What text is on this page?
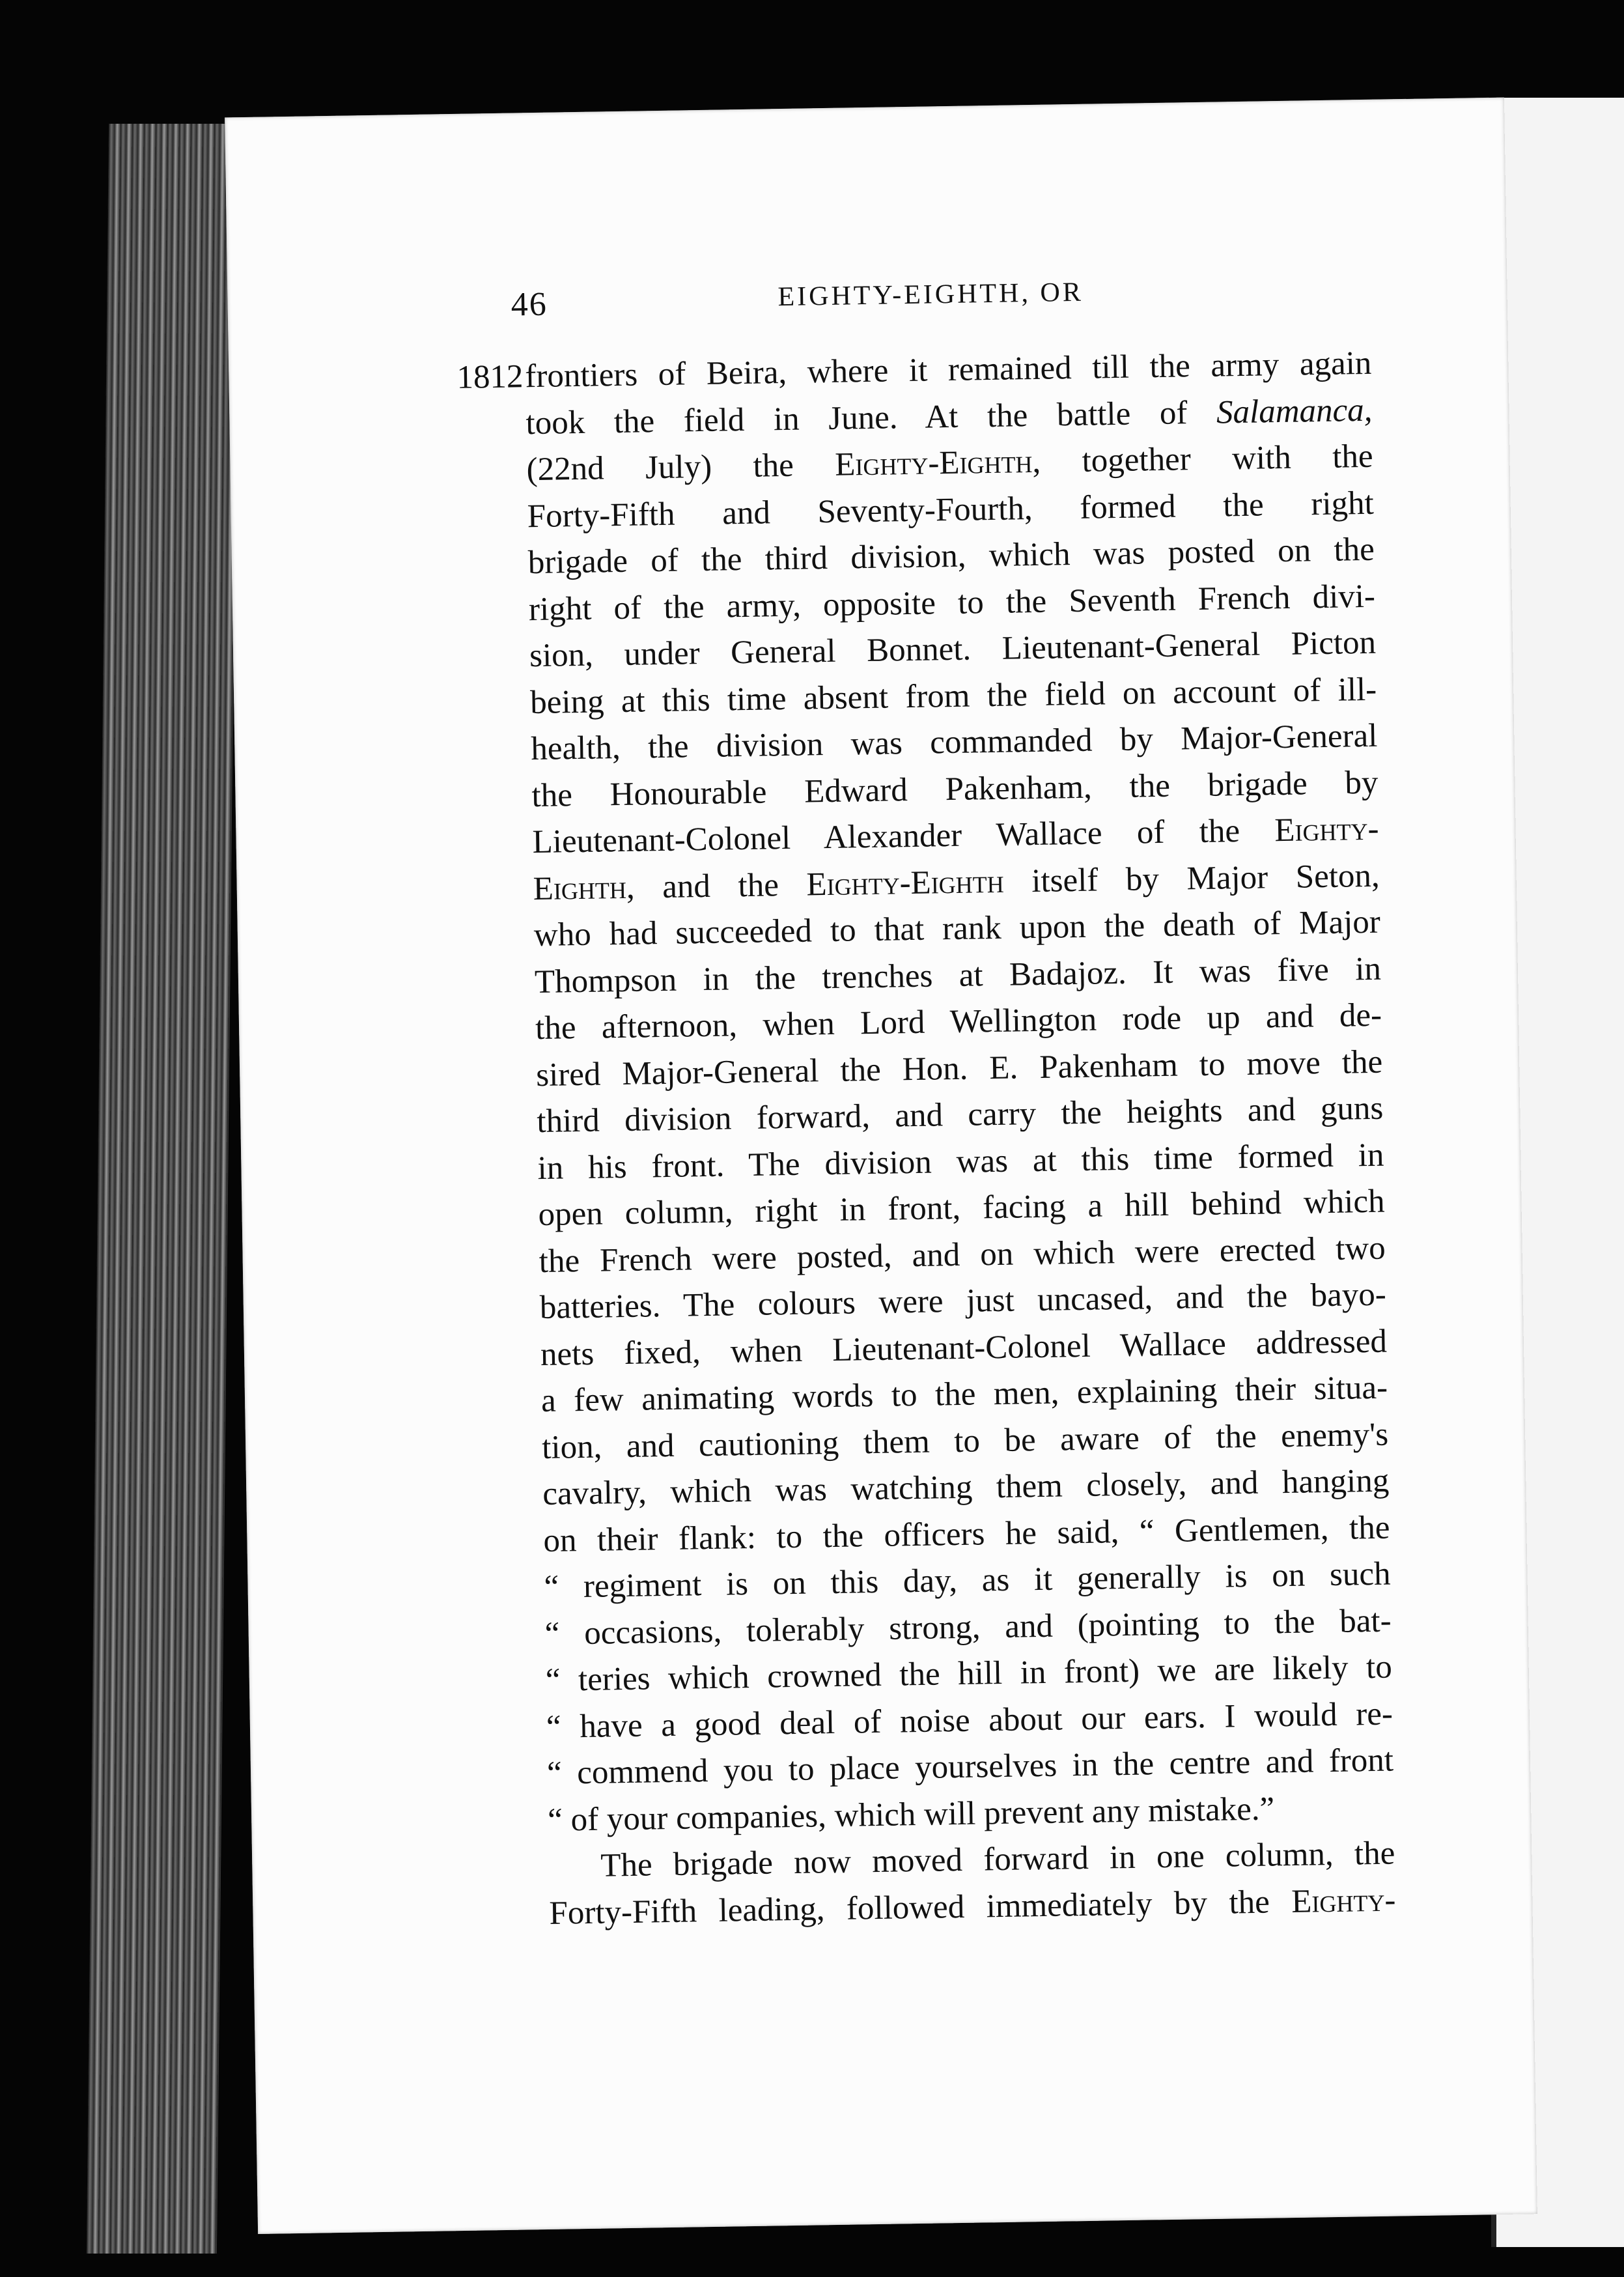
46	EIGHTY-EIGHTH, OR
1812 frontiers of Beira, where it remained till the army again
took the field in June. At the battle of Salamanca,
(22nd July) the Eighty-Eighth, together with the
Forty-Fifth and Seventy-Fourth, formed the right
brigade of the third division, which was posted on the
right of the army, opposite to the Seventh French divi-
sion, under General Bonnet. Lieutenant-General Picton
being at this time absent from the field on account of ill-
health, the division was commanded by Major-General
the Honourable Edward Pakenham, the brigade by
Lieutenant-Colonel Alexander Wallace of the Eighty-
Eighth, and the Eighty-Eighth itself by Major Seton,
who had succeeded to that rank upon the death of Major
Thompson in the trenches at Badajoz. It was five in
the afternoon, when Lord Wellington rode up and de-
sired Major-General the Hon. E. Pakenham to move the
third division forward, and carry the heights and guns
in his front. The division was at this time formed in
open column, right in front, facing a hill behind which
the French were posted, and on which were erected two
batteries. The colours were just uncased, and the bayo-
nets fixed, when Lieutenant-Colonel Wallace addressed
a few animating words to the men, explaining their situa-
tion, and cautioning them to be aware of the enemy's
cavalry, which was watching them closely, and hanging
on their flank: to the officers he said, “ Gentlemen, the
“ regiment is on this day, as it generally is on such
“ occasions, tolerably strong, and (pointing to the bat-
“ teries which crowned the hill in front) we are likely to
“ have a good deal of noise about our ears. I would re-
“ commend you to place yourselves in the centre and front
“ of your companies, which will prevent any mistake.”
The brigade now moved forward in one column, the
Forty-Fifth leading, followed immediately by the Eighty-
